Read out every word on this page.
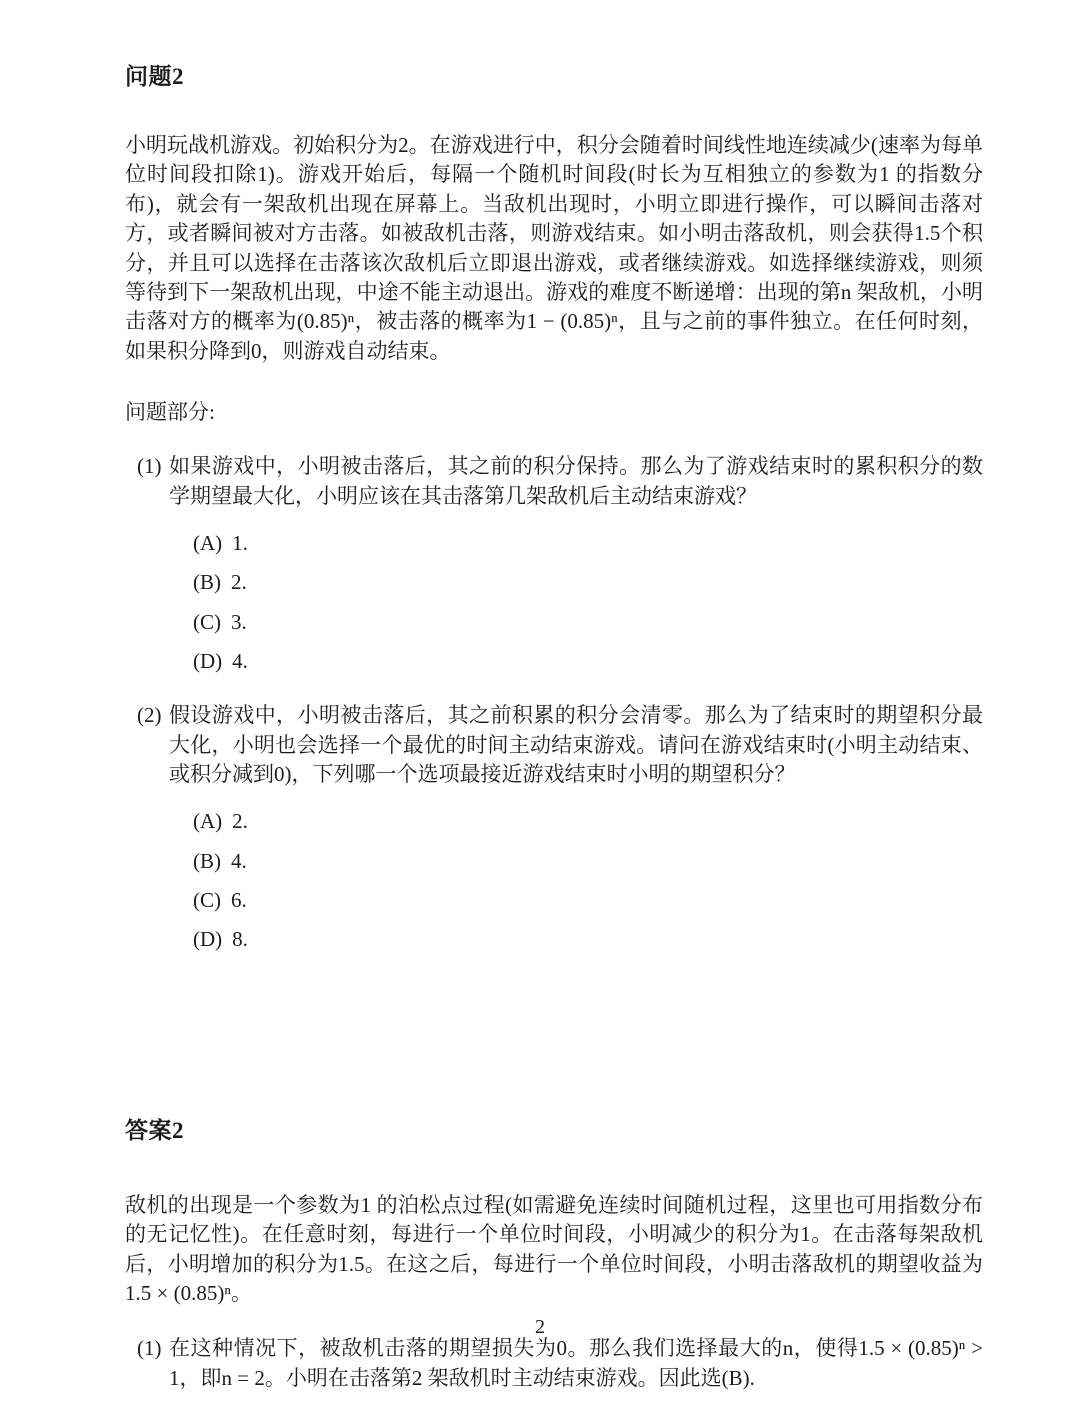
问题2

小明玩战机游戏。初始积分为2。在游戏进行中，积分会随着时间线性地连续减少(速率为每单位时间段扣除1)。游戏开始后，每隔一个随机时间段(时长为互相独立的参数为1 的指数分布)，就会有一架敌机出现在屏幕上。当敌机出现时，小明立即进行操作，可以瞬间击落对方，或者瞬间被对方击落。如被敌机击落，则游戏结束。如小明击落敌机，则会获得1.5个积分，并且可以选择在击落该次敌机后立即退出游戏，或者继续游戏。如选择继续游戏，则须等待到下一架敌机出现，中途不能主动退出。游戏的难度不断递增：出现的第n 架敌机，小明击落对方的概率为(0.85)ⁿ，被击落的概率为1 − (0.85)ⁿ，且与之前的事件独立。在任何时刻，如果积分降到0，则游戏自动结束。

问题部分:

(1) 如果游戏中，小明被击落后，其之前的积分保持。那么为了游戏结束时的累积积分的数学期望最大化，小明应该在其击落第几架敌机后主动结束游戏？
(A) 1.
(B) 2.
(C) 3.
(D) 4.
(2) 假设游戏中，小明被击落后，其之前积累的积分会清零。那么为了结束时的期望积分最大化，小明也会选择一个最优的时间主动结束游戏。请问在游戏结束时(小明主动结束、或积分减到0)，下列哪一个选项最接近游戏结束时小明的期望积分？
(A) 2.
(B) 4.
(C) 6.
(D) 8.
答案2

敌机的出现是一个参数为1 的泊松点过程(如需避免连续时间随机过程，这里也可用指数分布的无记忆性)。在任意时刻，每进行一个单位时间段，小明减少的积分为1。在击落每架敌机后，小明增加的积分为1.5。在这之后，每进行一个单位时间段，小明击落敌机的期望收益为1.5 × (0.85)ⁿ。

(1) 在这种情况下，被敌机击落的期望损失为0。那么我们选择最大的n，使得1.5 × (0.85)ⁿ > 1，即n = 2。小明在击落第2 架敌机时主动结束游戏。因此选(B).
2
